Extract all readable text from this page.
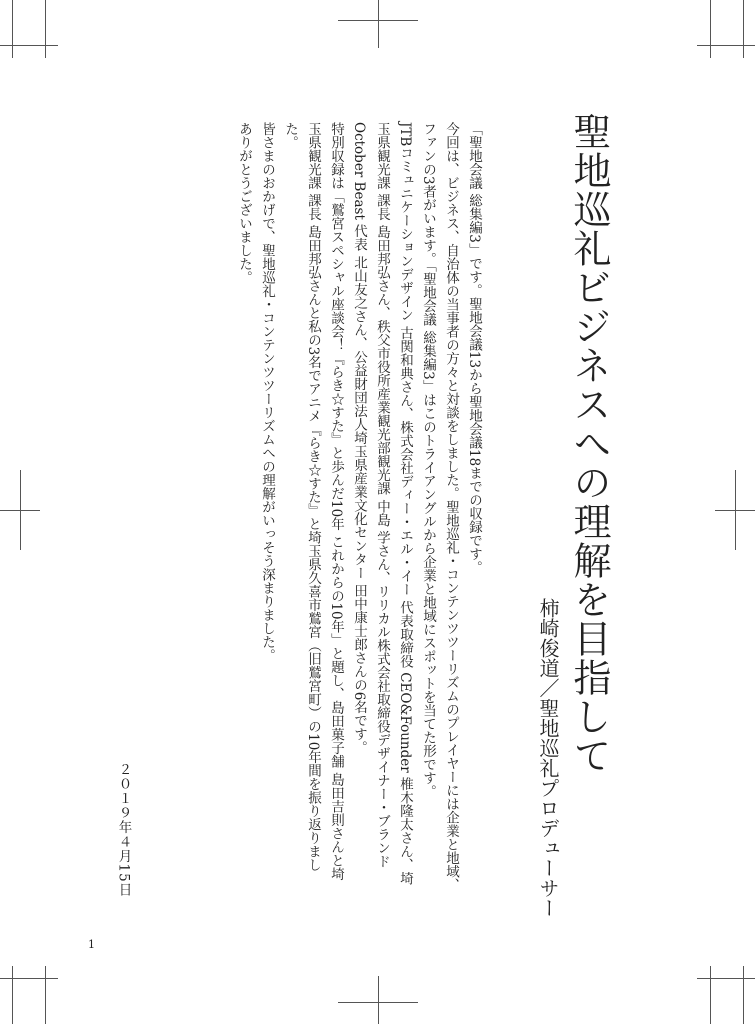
聖地巡礼ビジネスへの理解を目指して
柿崎俊道／聖地巡礼プロデューサー

「聖地会議 総集編3」です。聖地会議13から聖地会議18までの収録です。

今回は、ビジネス、自治体の当事者の方々と対談をしました。聖地巡礼・コンテンツツーリズムのプレイヤーには企業と地域、ファンの3者がいます。「聖地会議 総集編3」はこのトライアングルから企業と地域にスポットを当てた形です。

JTBコミュニケーションデザイン 古関和典さん、株式会社ディー・エル・イー 代表取締役 CEO&Founder 椎木隆太さん、埼玉県観光課 課長 島田邦弘さん、秩父市役所産業観光部観光課 中島 学さん、リリカル株式会社取締役デザイナー・ブランドOctober Beast 代表 北山友之さん、公益財団法人埼玉県産業文化センター 田中康士郎さんの6名です。

特別収録は「鷲宮スペシャル座談会！『らき☆すた』と歩んだ10年 これからの10年」と題し、島田菓子舗 島田吉則さんと埼玉県観光課 課長 島田邦弘さんと私の3名でアニメ『らき☆すた』と埼玉県久喜市鷲宮（旧鷲宮町）の10年間を振り返りました。

皆さまのおかげで、聖地巡礼・コンテンツツーリズムへの理解がいっそう深まりました。

ありがとうございました。

２０１９年４月15日
1
